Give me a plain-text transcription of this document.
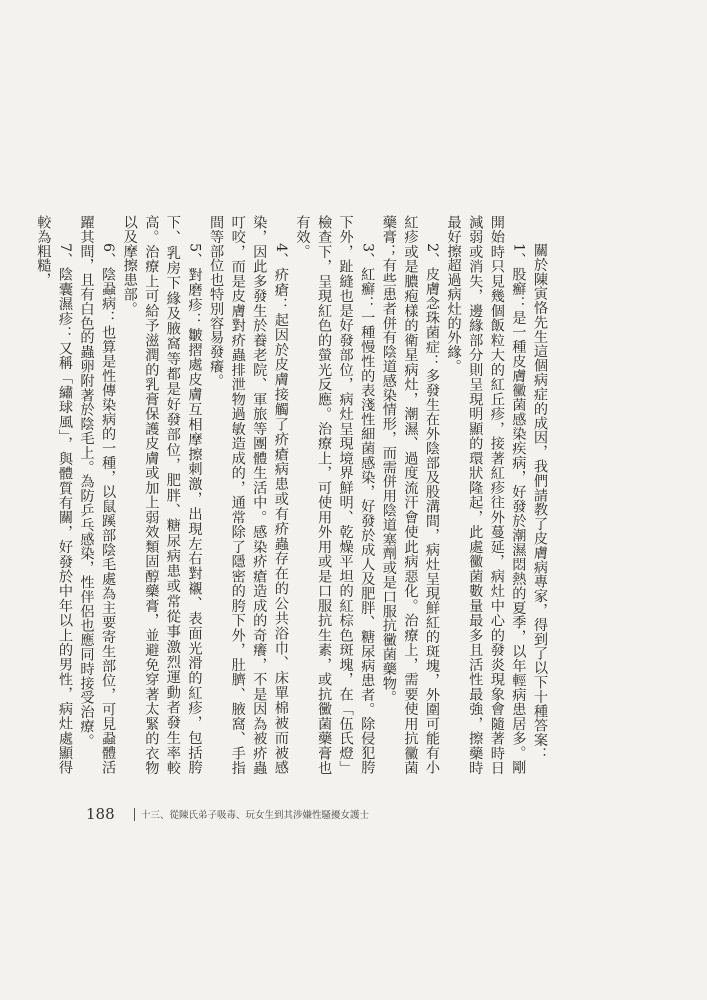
關於陳寅恪先生這個病症的成因，我們請教了皮膚病專家，得到了以下十種答案：

1、股癬：是一種皮膚黴菌感染疾病，好發於潮濕悶熱的夏季，以年輕病患居多。剛開始時只見幾個飯粒大的紅丘疹，接著紅疹往外蔓延，病灶中心的發炎現象會隨著時日減弱或消失，邊緣部分則呈現明顯的環狀隆起，此處黴菌數量最多且活性最強，擦藥時最好擦超過病灶的外緣。

2、皮膚念珠菌症：多發生在外陰部及股溝間，病灶呈現鮮紅的斑塊，外圍可能有小紅疹或是膿疱樣的衛星病灶，潮濕、過度流汗會使此病惡化。治療上，需要使用抗黴菌藥膏；有些患者併有陰道感染情形，而需併用陰道塞劑或是口服抗黴菌藥物。

3、紅癬：一種慢性的表淺性細菌感染，好發於成人及肥胖、糖尿病患者。除侵犯胯下外，趾縫也是好發部位，病灶呈現境界鮮明、乾燥平坦的紅棕色斑塊，在「伍氏燈」檢查下，呈現紅色的螢光反應。治療上，可使用外用或是口服抗生素，或抗黴菌藥膏也有效。

4、疥瘡：起因於皮膚接觸了疥瘡病患或有疥蟲存在的公共浴巾、床單棉被而被感染，因此多發生於養老院、軍旅等團體生活中。感染疥瘡造成的奇癢，不是因為被疥蟲叮咬，而是皮膚對疥蟲排泄物過敏造成的，通常除了隱密的胯下外，肚臍、腋窩、手指間等部位也特別容易發癢。

5、對磨疹：皺摺處皮膚互相摩擦刺激，出現左右對襯、表面光滑的紅疹，包括胯下、乳房下緣及腋窩等都是好發部位，肥胖、糖尿病患或常從事激烈運動者發生率較高。治療上可給予滋潤的乳膏保護皮膚或加上弱效類固醇藥膏，並避免穿著太緊的衣物以及摩擦患部。

6、陰蝨病：也算是性傳染病的一種，以鼠蹊部陰毛處為主要寄生部位，可見蝨體活躍其間，且有白色的蟲卵附著於陰毛上。為防乒乓感染，性伴侶也應同時接受治療。

7、陰囊濕疹：又稱「繡球風」，與體質有關，好發於中年以上的男性，病灶處顯得較為粗糙，

188	十三、從陳氏弟子吸毒、玩女生到其涉嫌性騷擾女護士
